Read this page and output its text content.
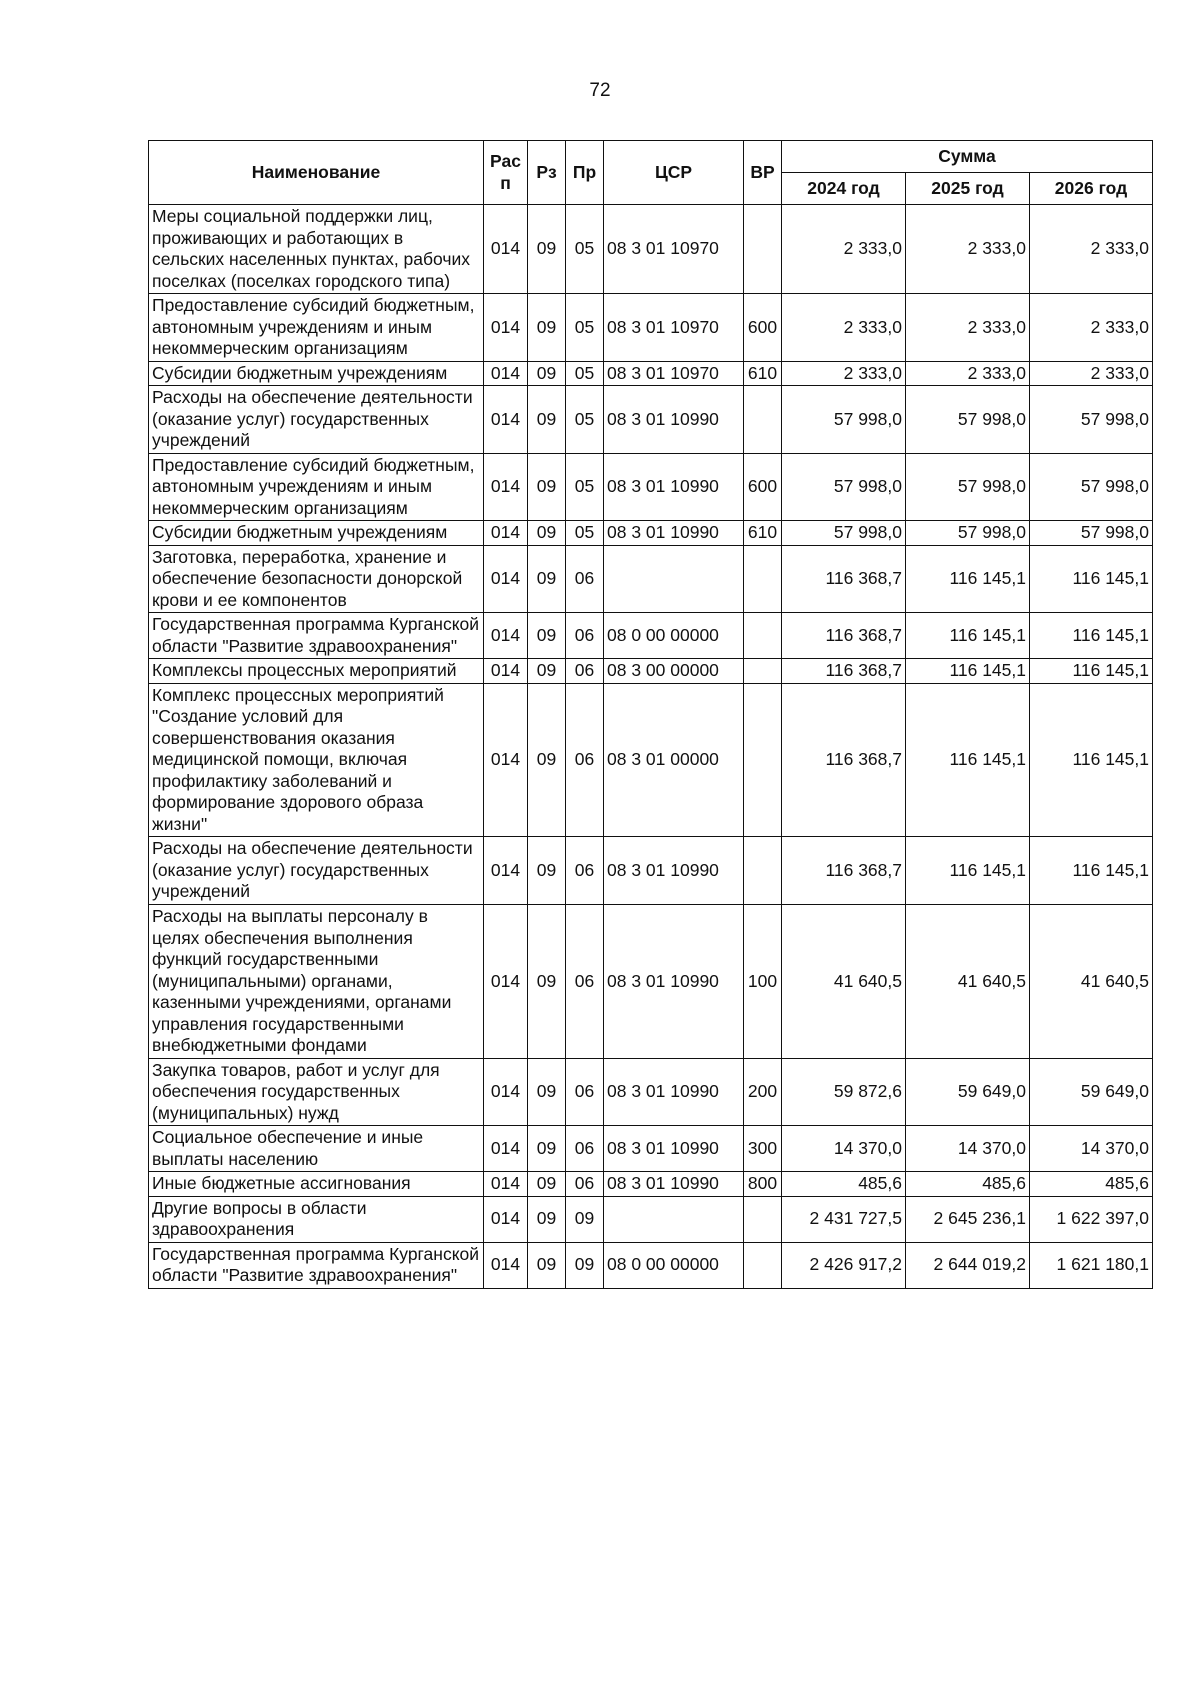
72
Наименование	Рас п	Рз	Пр	ЦСР	ВР	Сумма		
						2024 год	2025 год	2026 год
Меры социальной поддержки лиц, проживающих и работающих в сельских населенных пунктах, рабочих поселках (поселках городского типа)	014	09	05	08 3 01 10970		2 333,0	2 333,0	2 333,0
Предоставление субсидий бюджетным, автономным учреждениям и иным некоммерческим организациям	014	09	05	08 3 01 10970	600	2 333,0	2 333,0	2 333,0
Субсидии бюджетным учреждениям	014	09	05	08 3 01 10970	610	2 333,0	2 333,0	2 333,0
Расходы на обеспечение деятельности (оказание услуг) государственных учреждений	014	09	05	08 3 01 10990		57 998,0	57 998,0	57 998,0
Предоставление субсидий бюджетным, автономным учреждениям и иным некоммерческим организациям	014	09	05	08 3 01 10990	600	57 998,0	57 998,0	57 998,0
Субсидии бюджетным учреждениям	014	09	05	08 3 01 10990	610	57 998,0	57 998,0	57 998,0
Заготовка, переработка, хранение и обеспечение безопасности донорской крови и ее компонентов	014	09	06			116 368,7	116 145,1	116 145,1
Государственная программа Курганской области "Развитие здравоохранения"	014	09	06	08 0 00 00000		116 368,7	116 145,1	116 145,1
Комплексы процессных мероприятий	014	09	06	08 3 00 00000		116 368,7	116 145,1	116 145,1
Комплекс процессных мероприятий "Создание условий для совершенствования оказания медицинской помощи, включая профилактику заболеваний и формирование здорового образа жизни"	014	09	06	08 3 01 00000		116 368,7	116 145,1	116 145,1
Расходы на обеспечение деятельности (оказание услуг) государственных учреждений	014	09	06	08 3 01 10990		116 368,7	116 145,1	116 145,1
Расходы на выплаты персоналу в целях обеспечения выполнения функций государственными (муниципальными) органами, казенными учреждениями, органами управления государственными внебюджетными фондами	014	09	06	08 3 01 10990	100	41 640,5	41 640,5	41 640,5
Закупка товаров, работ и услуг для обеспечения государственных (муниципальных) нужд	014	09	06	08 3 01 10990	200	59 872,6	59 649,0	59 649,0
Социальное обеспечение и иные выплаты населению	014	09	06	08 3 01 10990	300	14 370,0	14 370,0	14 370,0
Иные бюджетные ассигнования	014	09	06	08 3 01 10990	800	485,6	485,6	485,6
Другие вопросы в области здравоохранения	014	09	09			2 431 727,5	2 645 236,1	1 622 397,0
Государственная программа Курганской области "Развитие здравоохранения"	014	09	09	08 0 00 00000		2 426 917,2	2 644 019,2	1 621 180,1
